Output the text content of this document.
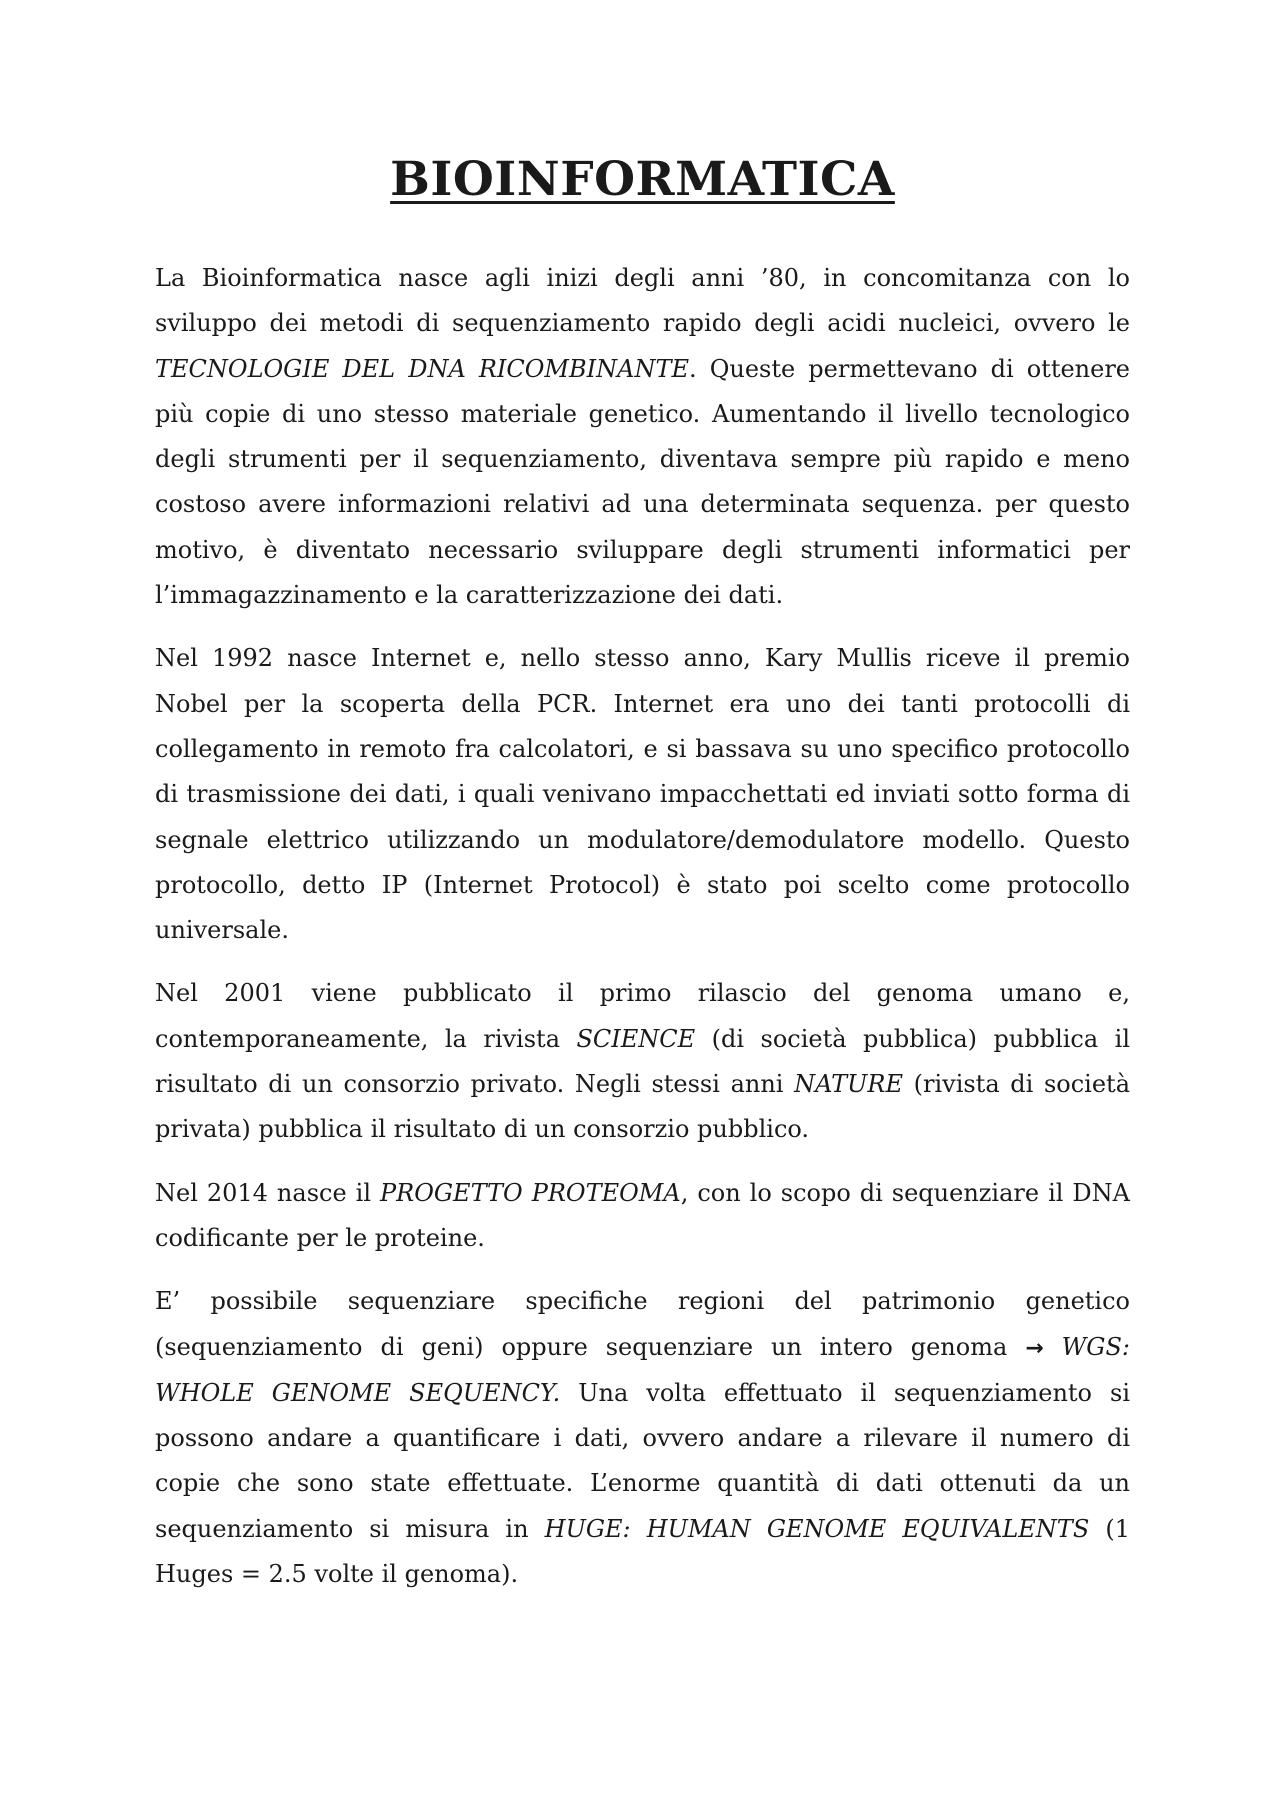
BIOINFORMATICA

La Bioinformatica nasce agli inizi degli anni ’80, in concomitanza con lo sviluppo dei metodi di sequenziamento rapido degli acidi nucleici, ovvero le TECNOLOGIE DEL DNA RICOMBINANTE. Queste permettevano di ottenere più copie di uno stesso materiale genetico. Aumentando il livello tecnologico degli strumenti per il sequenziamento, diventava sempre più rapido e meno costoso avere informazioni relativi ad una determinata sequenza. per questo motivo, è diventato necessario sviluppare degli strumenti informatici per l’immagazzinamento e la caratterizzazione dei dati.

Nel 1992 nasce Internet e, nello stesso anno, Kary Mullis riceve il premio Nobel per la scoperta della PCR. Internet era uno dei tanti protocolli di collegamento in remoto fra calcolatori, e si bassava su uno specifico protocollo di trasmissione dei dati, i quali venivano impacchettati ed inviati sotto forma di segnale elettrico utilizzando un modulatore/demodulatore modello. Questo protocollo, detto IP (Internet Protocol) è stato poi scelto come protocollo universale.

Nel 2001 viene pubblicato il primo rilascio del genoma umano e, contemporaneamente, la rivista SCIENCE (di società pubblica) pubblica il risultato di un consorzio privato. Negli stessi anni NATURE (rivista di società privata) pubblica il risultato di un consorzio pubblico.

Nel 2014 nasce il PROGETTO PROTEOMA, con lo scopo di sequenziare il DNA codificante per le proteine.

E’ possibile sequenziare specifiche regioni del patrimonio genetico (sequenziamento di geni) oppure sequenziare un intero genoma → WGS: WHOLE GENOME SEQUENCY. Una volta effettuato il sequenziamento si possono andare a quantificare i dati, ovvero andare a rilevare il numero di copie che sono state effettuate. L’enorme quantità di dati ottenuti da un sequenziamento si misura in HUGE: HUMAN GENOME EQUIVALENTS (1 Huges = 2.5 volte il genoma).
